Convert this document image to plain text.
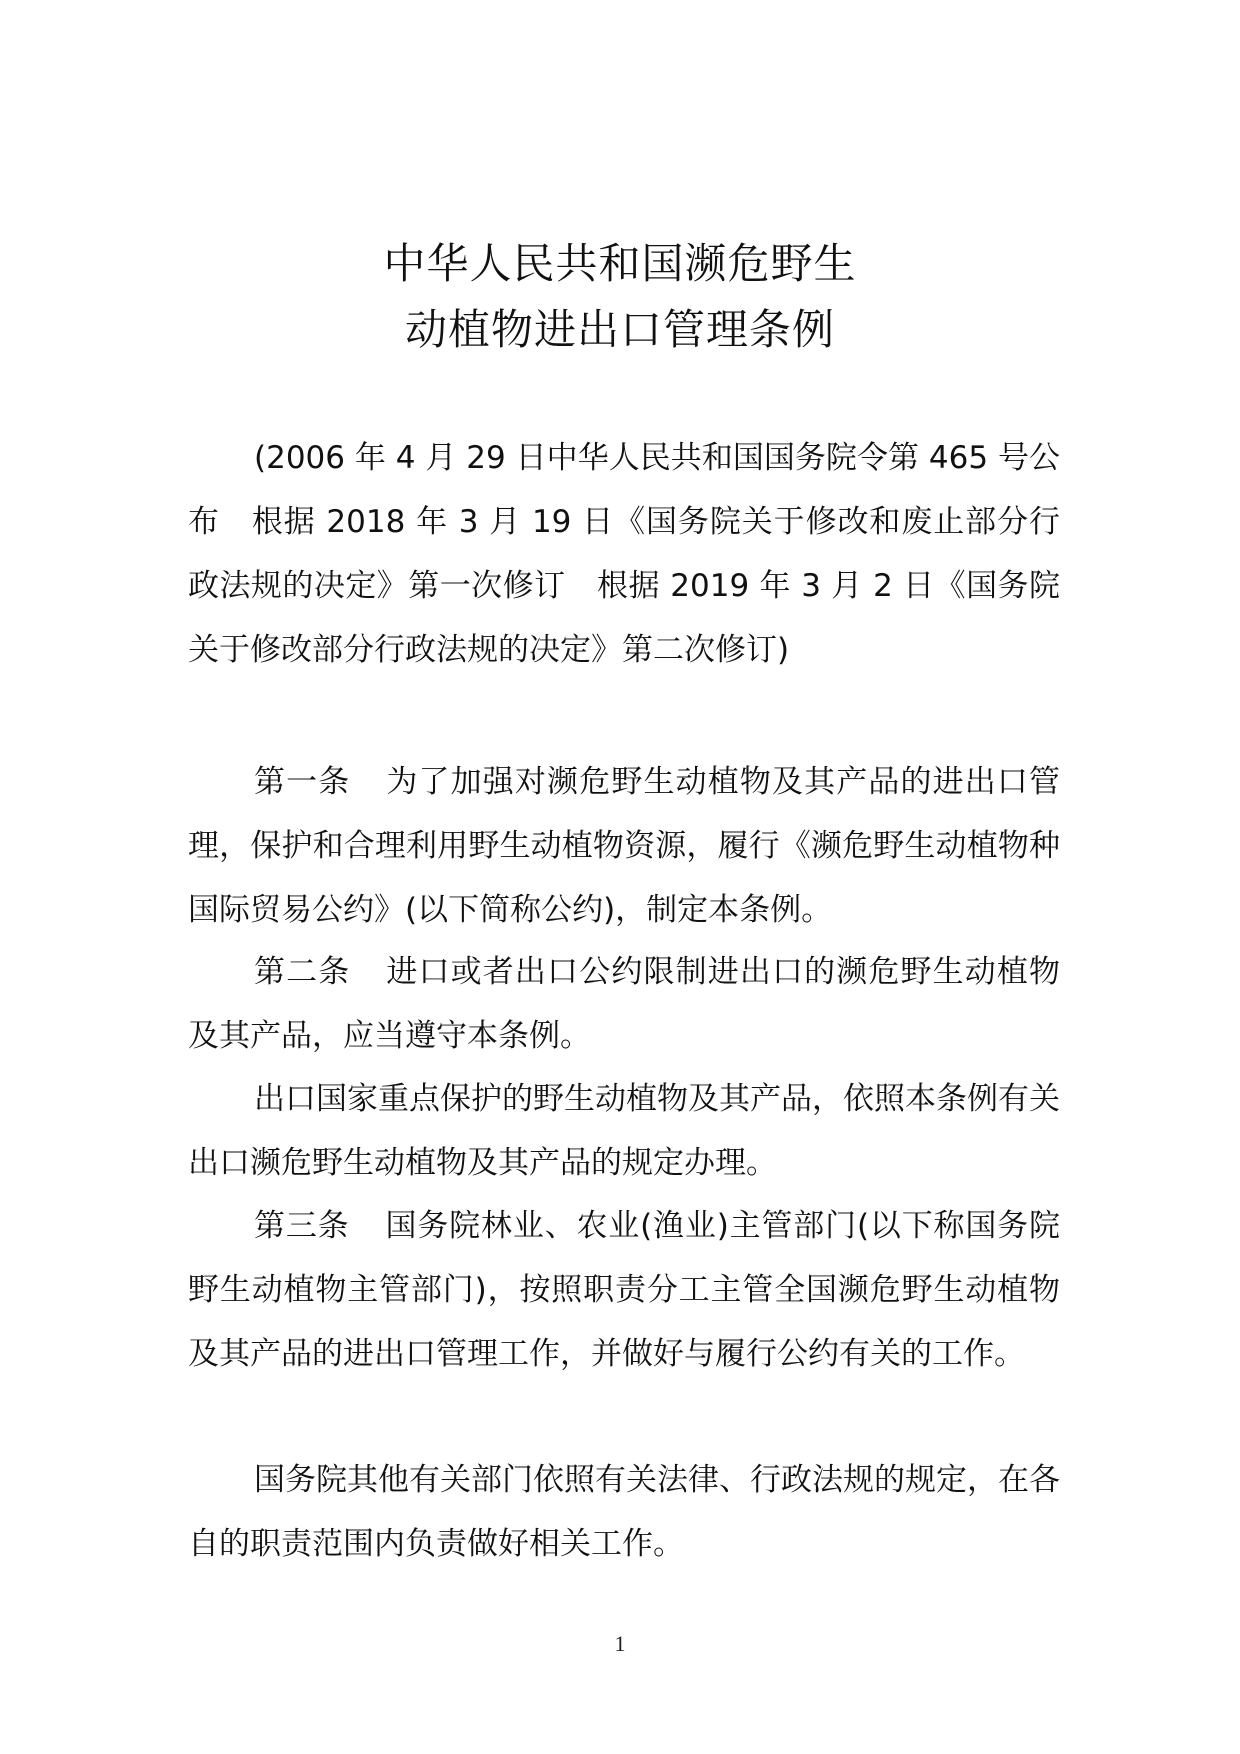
中华人民共和国濒危野生
动植物进出口管理条例

(2006 年 4 月 29 日中华人民共和国国务院令第 465 号公布　根据 2018 年 3 月 19 日《国务院关于修改和废止部分行政法规的决定》第一次修订　根据 2019 年 3 月 2 日《国务院关于修改部分行政法规的决定》第二次修订)

第一条 为了加强对濒危野生动植物及其产品的进出口管理，保护和合理利用野生动植物资源，履行《濒危野生动植物种国际贸易公约》(以下简称公约)，制定本条例。

第二条 进口或者出口公约限制进出口的濒危野生动植物及其产品，应当遵守本条例。

出口国家重点保护的野生动植物及其产品，依照本条例有关出口濒危野生动植物及其产品的规定办理。

第三条 国务院林业、农业(渔业)主管部门(以下称国务院野生动植物主管部门)，按照职责分工主管全国濒危野生动植物及其产品的进出口管理工作，并做好与履行公约有关的工作。

国务院其他有关部门依照有关法律、行政法规的规定，在各自的职责范围内负责做好相关工作。

1
